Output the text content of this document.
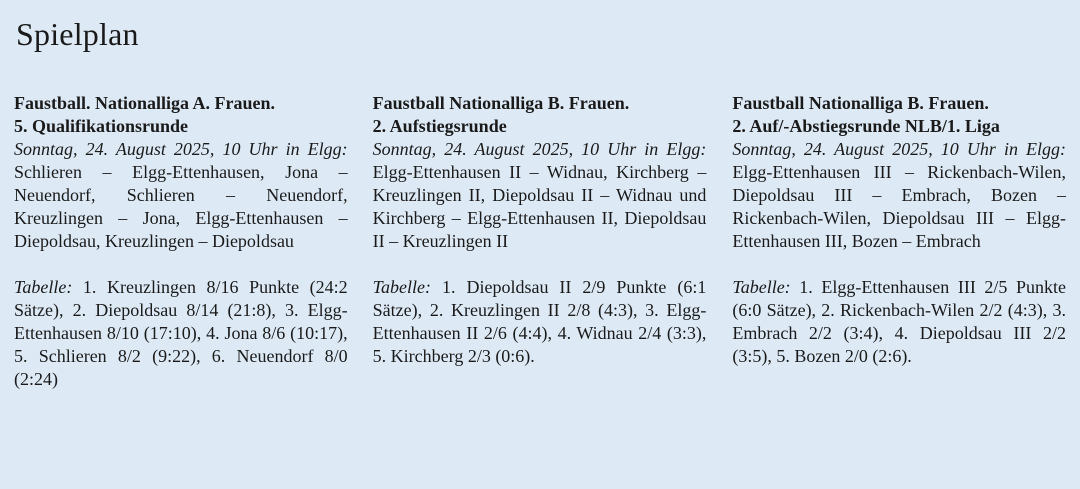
Spielplan
Faustball. Nationalliga A. Frauen.
5. Qualifikationsrunde
Sonntag, 24. August 2025, 10 Uhr in Elgg: Schlieren – Elgg-Ettenhausen, Jona – Neuendorf, Schlieren – Neuendorf, Kreuzlingen – Jona, Elgg-Ettenhausen – Diepoldsau, Kreuzlingen – Diepoldsau
Tabelle: 1. Kreuzlingen 8/16 Punkte (24:2 Sätze), 2. Diepoldsau 8/14 (21:8), 3. Elgg-Ettenhausen 8/10 (17:10), 4. Jona 8/6 (10:17), 5. Schlieren 8/2 (9:22), 6. Neuendorf 8/0 (2:24)
Faustball Nationalliga B. Frauen.
2. Aufstiegsrunde
Sonntag, 24. August 2025, 10 Uhr in Elgg: Elgg-Ettenhausen II – Widnau, Kirchberg – Kreuzlingen II, Diepoldsau II – Widnau und Kirchberg – Elgg-Ettenhausen II, Diepoldsau II – Kreuzlingen II
Tabelle: 1. Diepoldsau II 2/9 Punkte (6:1 Sätze), 2. Kreuzlingen II 2/8 (4:3), 3. Elgg-Ettenhausen II 2/6 (4:4), 4. Widnau 2/4 (3:3), 5. Kirchberg 2/3 (0:6).
Faustball Nationalliga B. Frauen.
2. Auf/-Abstiegsrunde NLB/1. Liga
Sonntag, 24. August 2025, 10 Uhr in Elgg: Elgg-Ettenhausen III – Rickenbach-Wilen, Diepoldsau III – Embrach, Bozen – Rickenbach-Wilen, Diepoldsau III – Elgg-Ettenhausen III, Bozen – Embrach
Tabelle: 1. Elgg-Ettenhausen III 2/5 Punkte (6:0 Sätze), 2. Rickenbach-Wilen 2/2 (4:3), 3. Embrach 2/2 (3:4), 4. Diepoldsau III 2/2 (3:5), 5. Bozen 2/0 (2:6).
